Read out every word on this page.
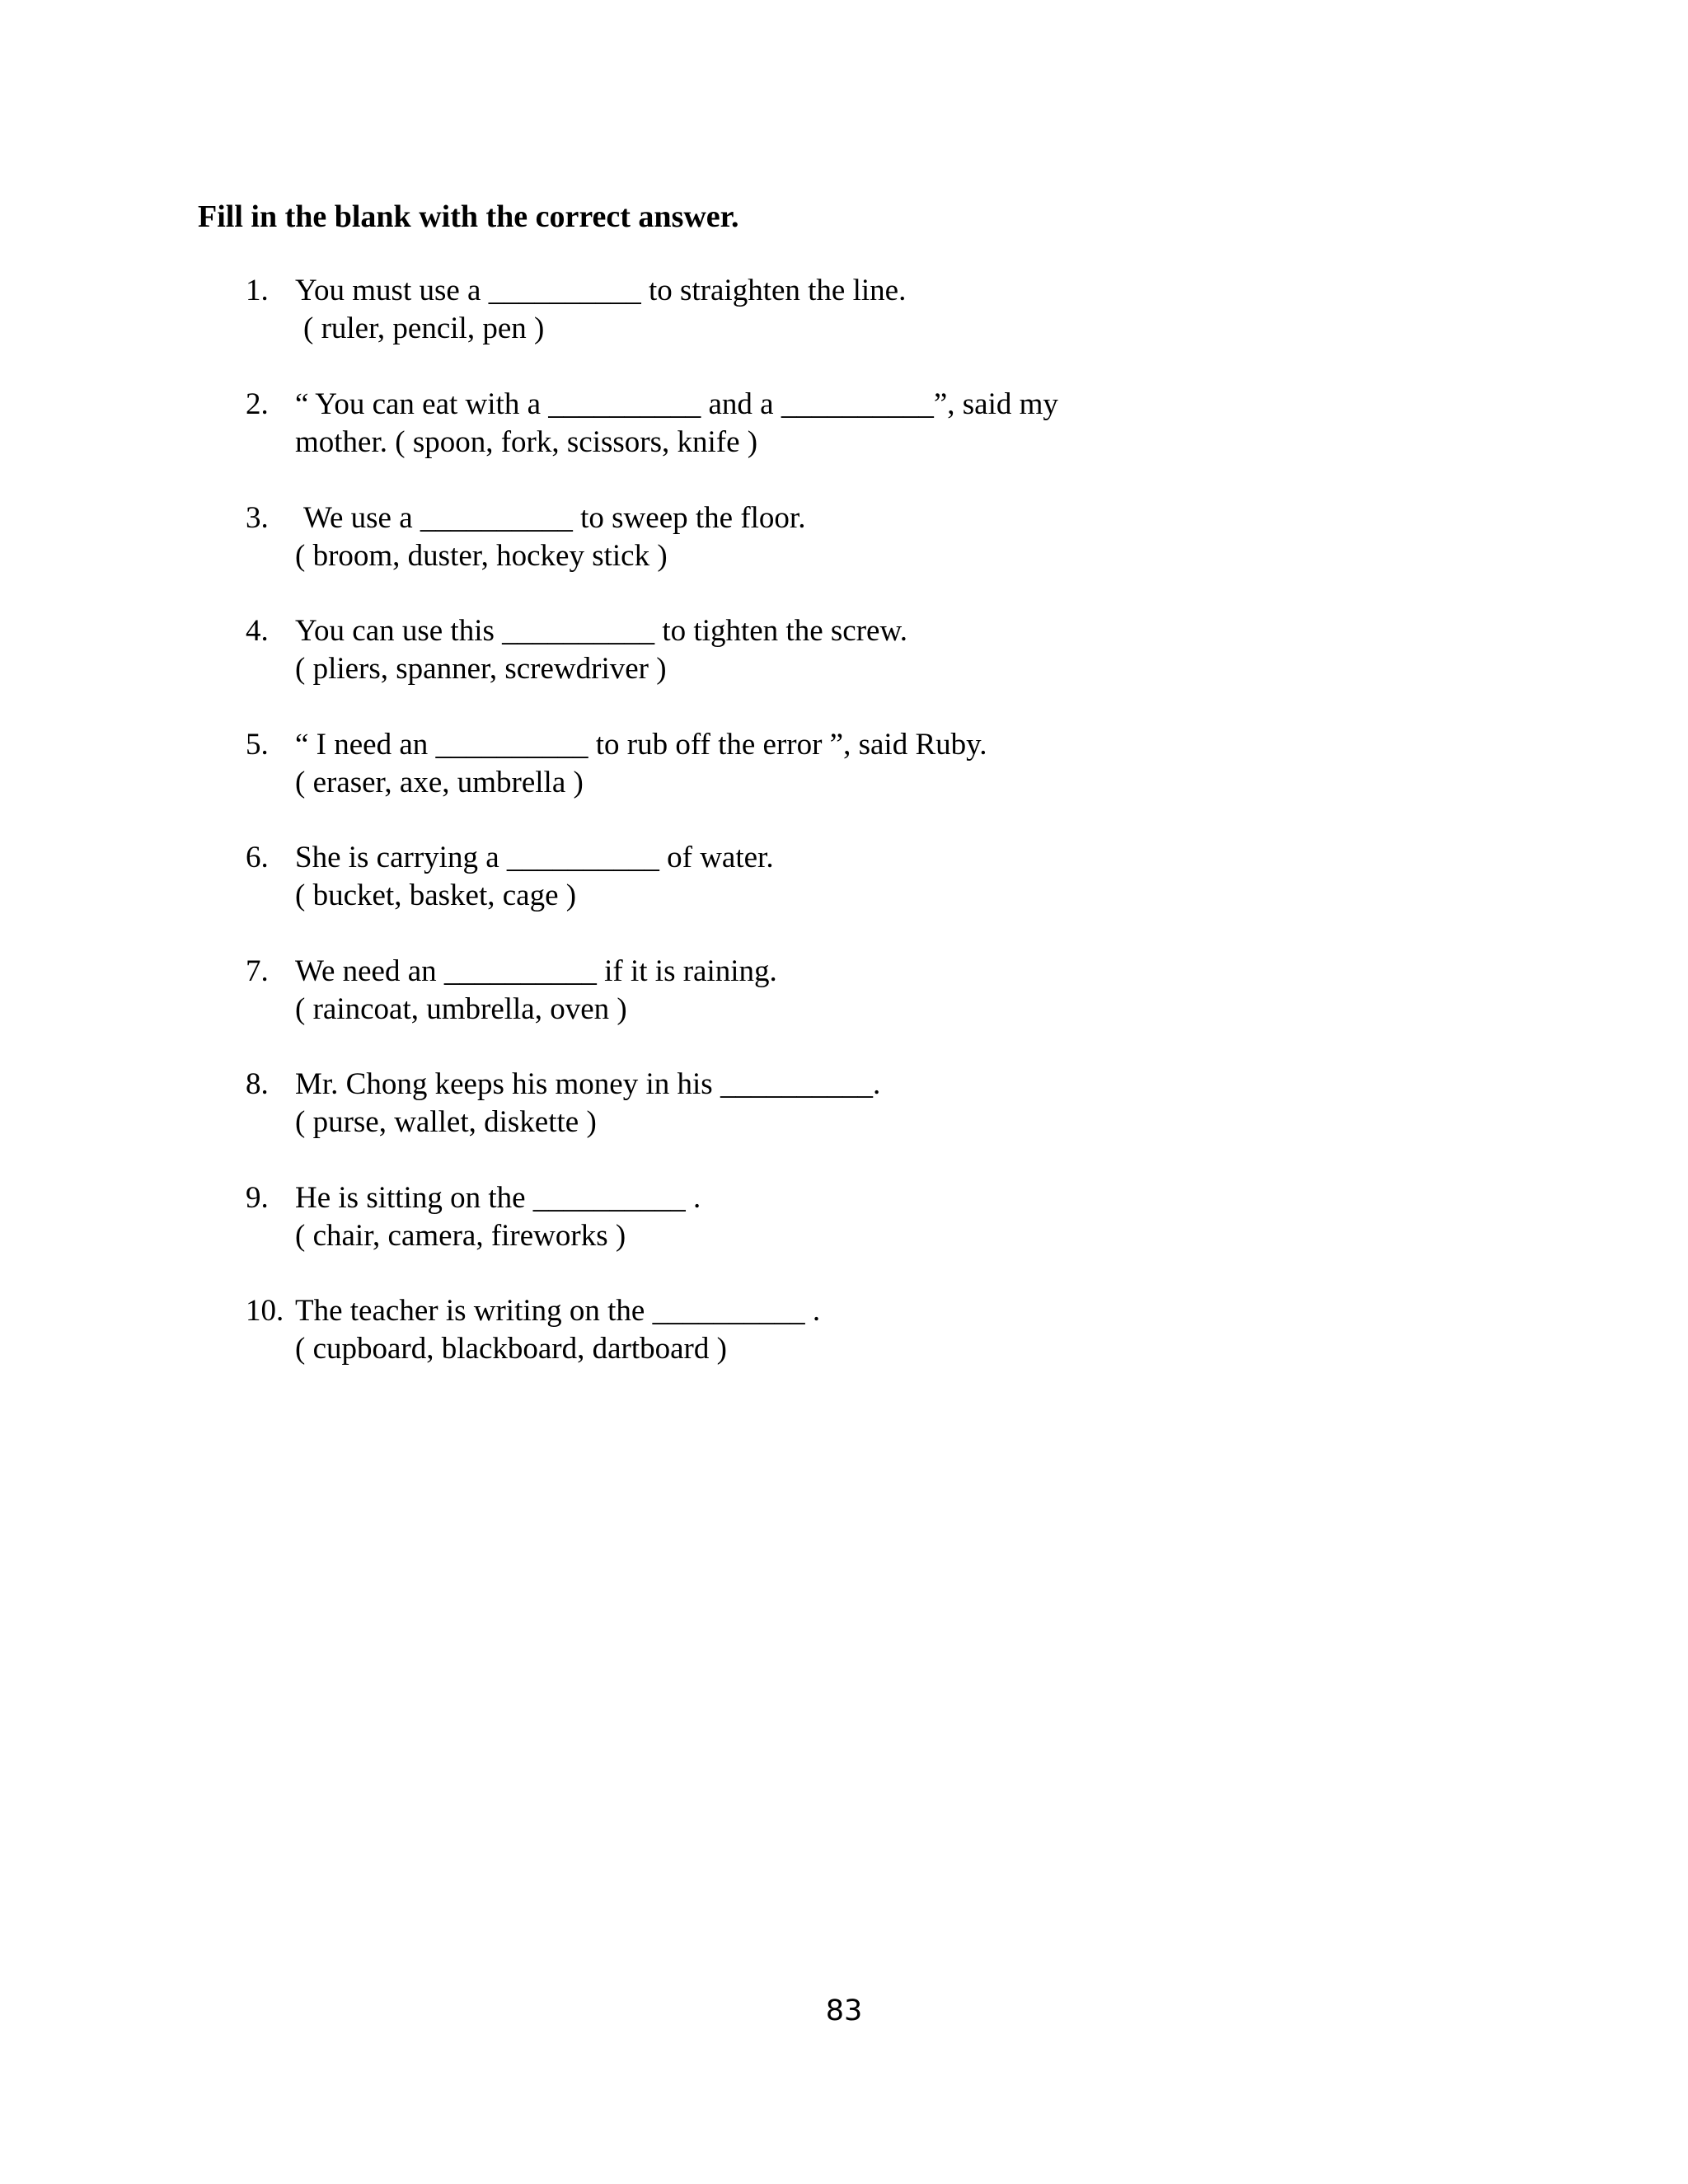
Fill in the blank with the correct answer.
1. You must use a __________ to straighten the line.
( ruler, pencil, pen )
2. “ You can eat with a __________ and a __________”, said my
mother. ( spoon, fork, scissors, knife )
3.	We use a __________ to sweep the floor.
( broom, duster, hockey stick )
4. You can use this __________ to tighten the screw.
( pliers, spanner, screwdriver )
5. “ I need an __________ to rub off the error ”, said Ruby.
( eraser, axe, umbrella )
6. She is carrying a __________ of water.
( bucket, basket, cage )
7. We need an __________ if it is raining.
( raincoat, umbrella, oven )
8. Mr. Chong keeps his money in his __________.
( purse, wallet, diskette )
9. He is sitting on the __________ .
( chair, camera, fireworks )
10. The teacher is writing on the __________ .
( cupboard, blackboard, dartboard )
83
